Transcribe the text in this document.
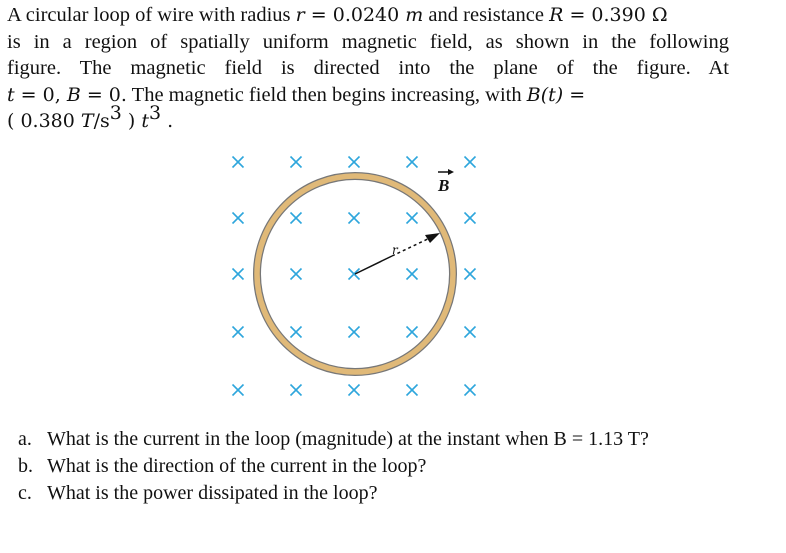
A circular loop of wire with radius r = 0.0240 m and resistance R = 0.390 Ω
is in a region of spatially uniform magnetic field, as shown in the following
figure. The magnetic field is directed into the plane of the figure. At
t = 0, B = 0. The magnetic field then begins increasing, with B(t) =
( 0.380 $T/s^3$ ) $t^3$ .
r
B
a. What is the current in the loop (magnitude) at the instant when B = 1.13 T?
b. What is the direction of the current in the loop?
c. What is the power dissipated in the loop?
